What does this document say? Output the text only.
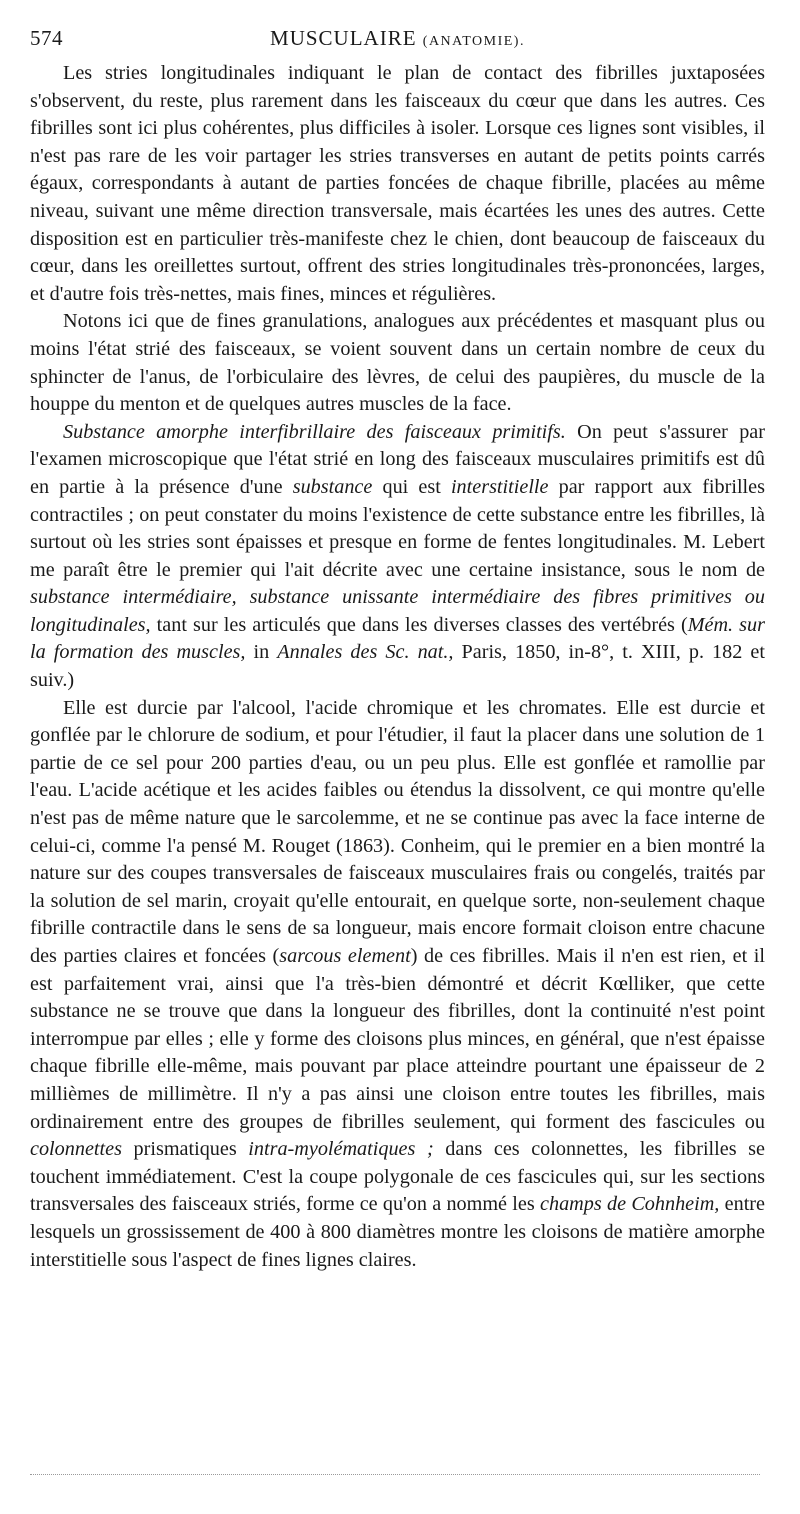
574	MUSCULAIRE (ANATOMIE).

Les stries longitudinales indiquant le plan de contact des fibrilles juxtaposées s'observent, du reste, plus rarement dans les faisceaux du cœur que dans les autres. Ces fibrilles sont ici plus cohérentes, plus difficiles à isoler. Lorsque ces lignes sont visibles, il n'est pas rare de les voir partager les stries transverses en autant de petits points carrés égaux, correspondants à autant de parties foncées de chaque fibrille, placées au même niveau, suivant une même direction transversale, mais écartées les unes des autres. Cette disposition est en particulier très-manifeste chez le chien, dont beaucoup de faisceaux du cœur, dans les oreillettes surtout, offrent des stries longitudinales très-prononcées, larges, et d'autre fois très-nettes, mais fines, minces et régulières.

Notons ici que de fines granulations, analogues aux précédentes et masquant plus ou moins l'état strié des faisceaux, se voient souvent dans un certain nombre de ceux du sphincter de l'anus, de l'orbiculaire des lèvres, de celui des paupières, du muscle de la houppe du menton et de quelques autres muscles de la face.

Substance amorphe interfibrillaire des faisceaux primitifs. On peut s'assurer par l'examen microscopique que l'état strié en long des faisceaux musculaires primitifs est dû en partie à la présence d'une substance qui est interstitielle par rapport aux fibrilles contractiles ; on peut constater du moins l'existence de cette substance entre les fibrilles, là surtout où les stries sont épaisses et presque en forme de fentes longitudinales. M. Lebert me paraît être le premier qui l'ait décrite avec une certaine insistance, sous le nom de substance intermédiaire, substance unissante intermédiaire des fibres primitives ou longitudinales, tant sur les articulés que dans les diverses classes des vertébrés (Mém. sur la formation des muscles, in Annales des Sc. nat., Paris, 1850, in-8°, t. XIII, p. 182 et suiv.)

Elle est durcie par l'alcool, l'acide chromique et les chromates. Elle est durcie et gonflée par le chlorure de sodium, et pour l'étudier, il faut la placer dans une solution de 1 partie de ce sel pour 200 parties d'eau, ou un peu plus. Elle est gonflée et ramollie par l'eau. L'acide acétique et les acides faibles ou étendus la dissolvent, ce qui montre qu'elle n'est pas de même nature que le sarcolemme, et ne se continue pas avec la face interne de celui-ci, comme l'a pensé M. Rouget (1863). Conheim, qui le premier en a bien montré la nature sur des coupes transversales de faisceaux musculaires frais ou congelés, traités par la solution de sel marin, croyait qu'elle entourait, en quelque sorte, non-seulement chaque fibrille contractile dans le sens de sa longueur, mais encore formait cloison entre chacune des parties claires et foncées (sarcous element) de ces fibrilles. Mais il n'en est rien, et il est parfaitement vrai, ainsi que l'a très-bien démontré et décrit Kœlliker, que cette substance ne se trouve que dans la longueur des fibrilles, dont la continuité n'est point interrompue par elles ; elle y forme des cloisons plus minces, en général, que n'est épaisse chaque fibrille elle-même, mais pouvant par place atteindre pourtant une épaisseur de 2 millièmes de millimètre. Il n'y a pas ainsi une cloison entre toutes les fibrilles, mais ordinairement entre des groupes de fibrilles seulement, qui forment des fascicules ou colonnettes prismatiques intra-myolématiques ; dans ces colonnettes, les fibrilles se touchent immédiatement. C'est la coupe polygonale de ces fascicules qui, sur les sections transversales des faisceaux striés, forme ce qu'on a nommé les champs de Cohnheim, entre lesquels un grossissement de 400 à 800 diamètres montre les cloisons de matière amorphe interstitielle sous l'aspect de fines lignes claires.
